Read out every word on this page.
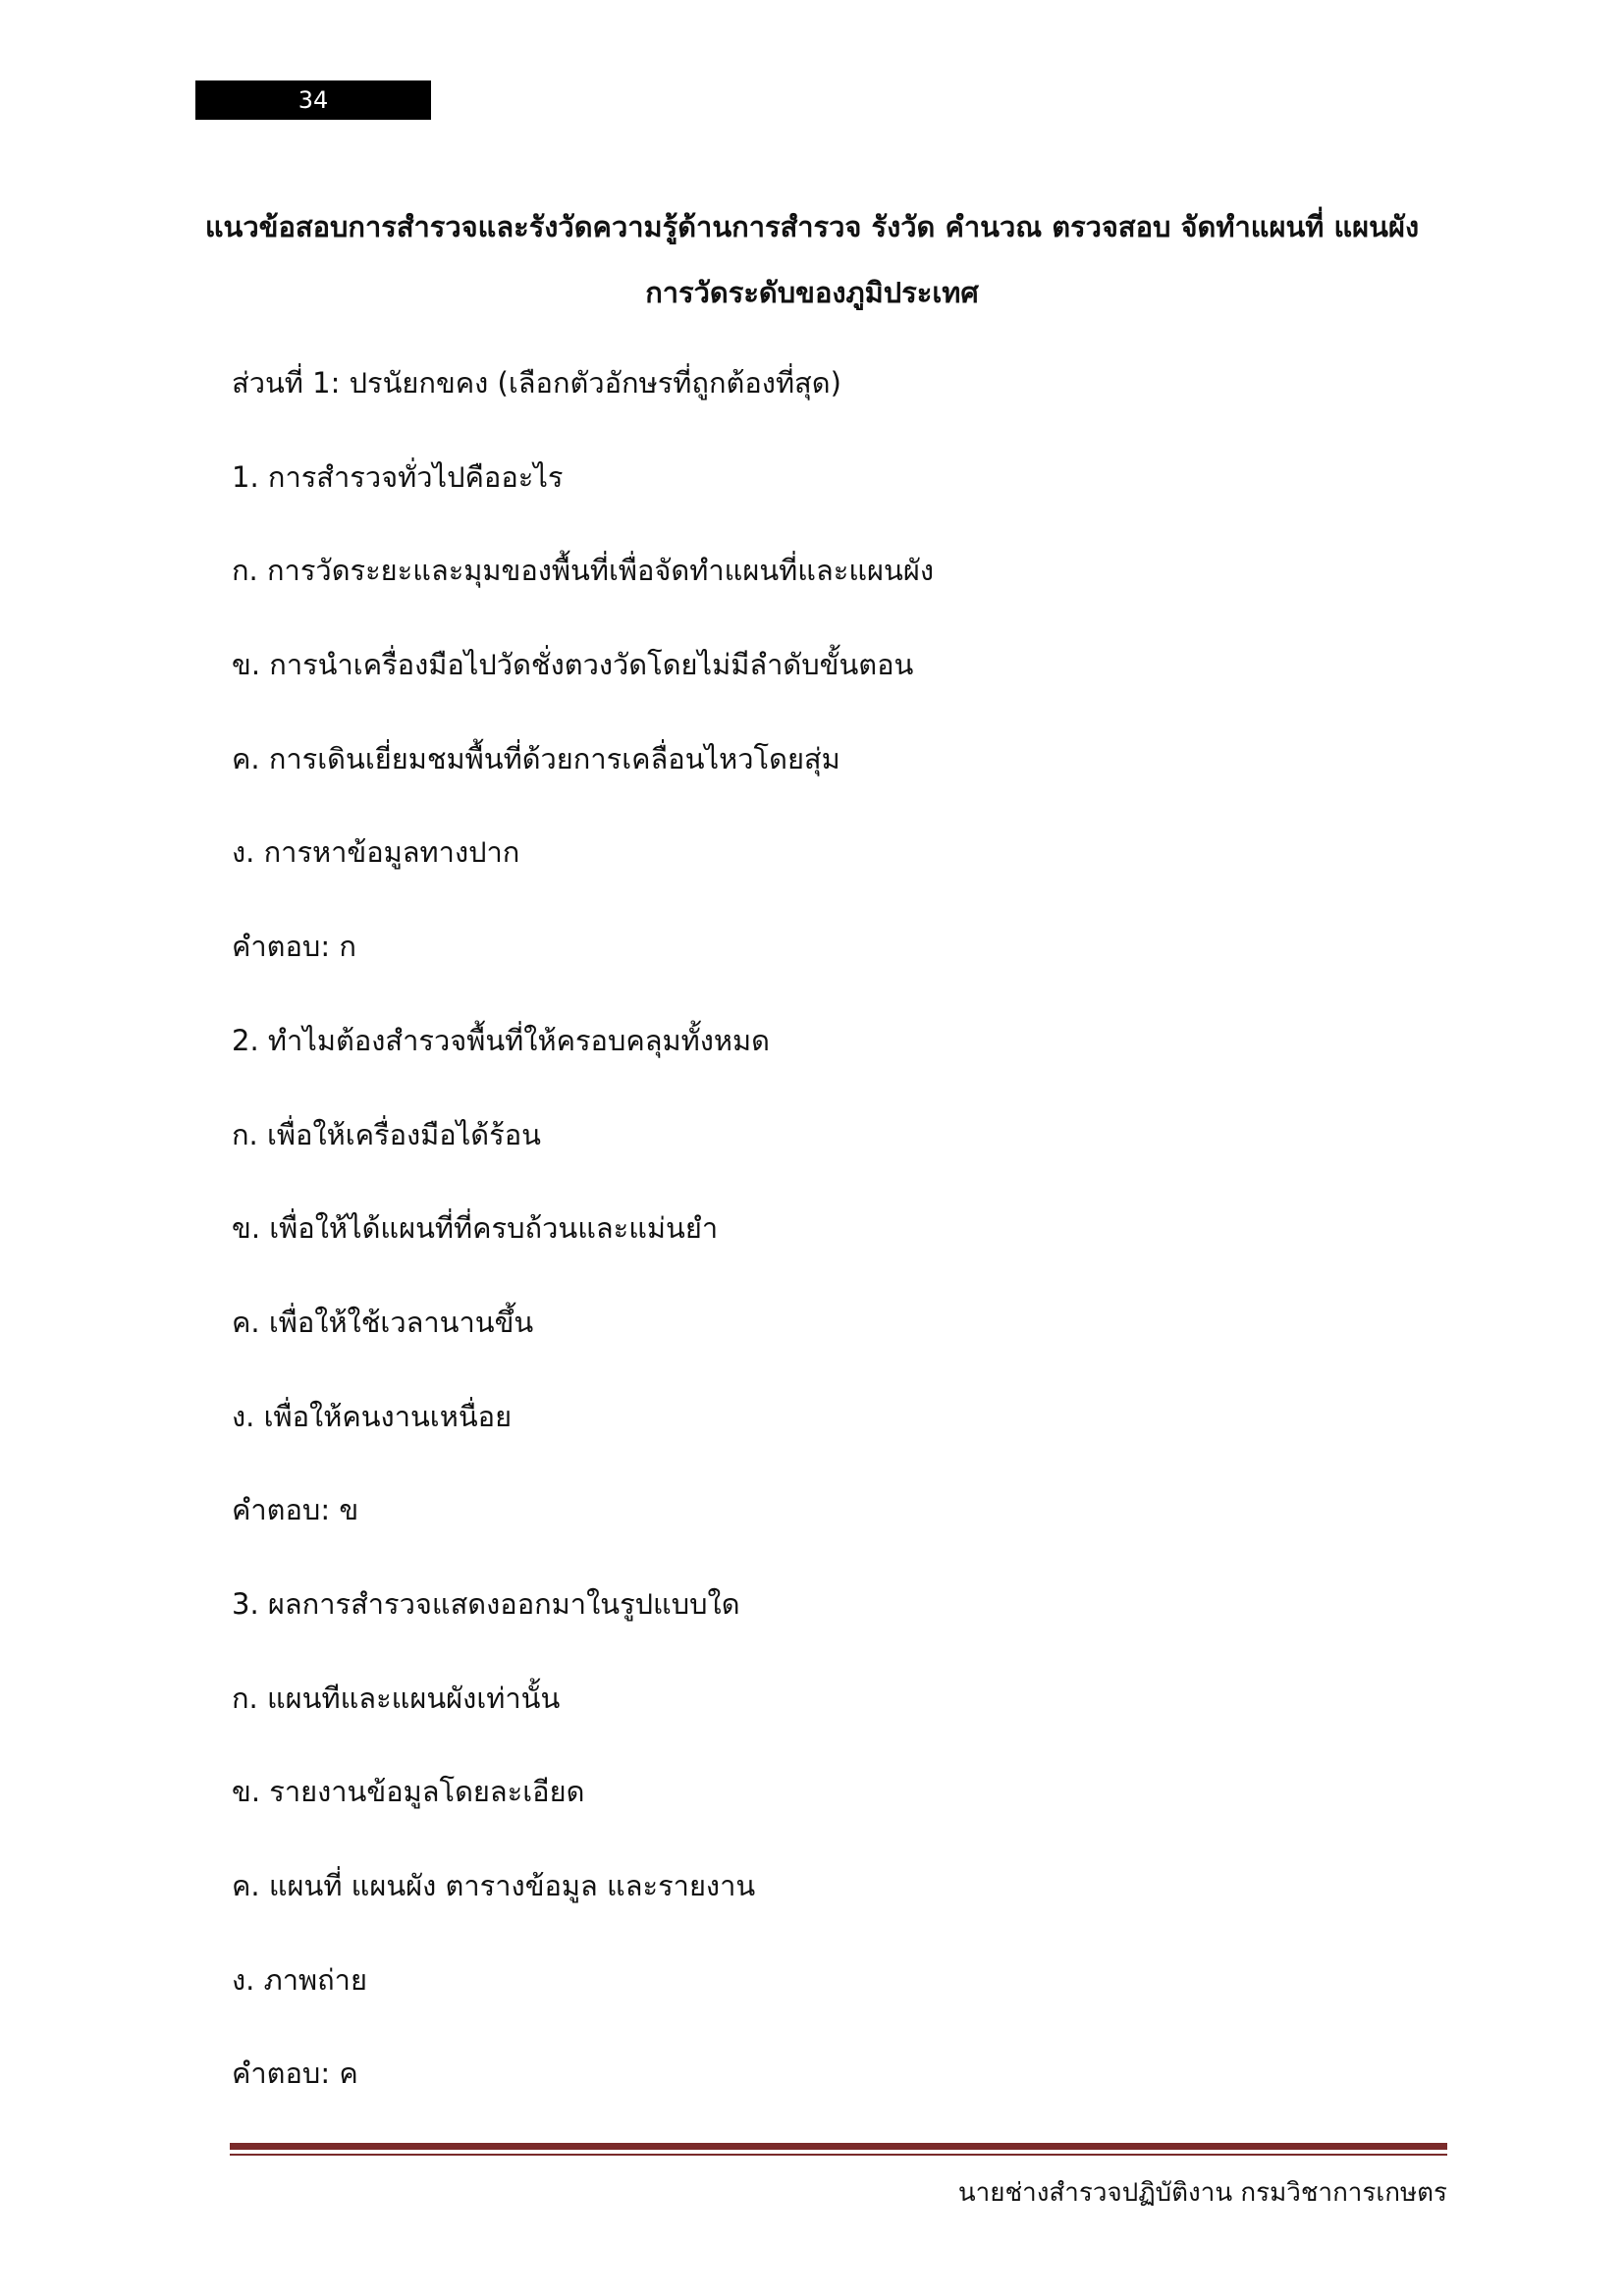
34
แนวข้อสอบการสำรวจและรังวัดความรู้ด้านการสำรวจ รังวัด คำนวณ ตรวจสอบ จัดทำแผนที่ แผนผัง
การวัดระดับของภูมิประเทศ
ส่วนที่ 1: ปรนัยกขคง (เลือกตัวอักษรที่ถูกต้องที่สุด)
1. การสำรวจทั่วไปคืออะไร
ก. การวัดระยะและมุมของพื้นที่เพื่อจัดทำแผนที่และแผนผัง
ข. การนำเครื่องมือไปวัดชั่งตวงวัดโดยไม่มีลำดับขั้นตอน
ค. การเดินเยี่ยมชมพื้นที่ด้วยการเคลื่อนไหวโดยสุ่ม
ง. การหาข้อมูลทางปาก
คำตอบ: ก
2. ทำไมต้องสำรวจพื้นที่ให้ครอบคลุมทั้งหมด
ก. เพื่อให้เครื่องมือได้ร้อน
ข. เพื่อให้ได้แผนที่ที่ครบถ้วนและแม่นยำ
ค. เพื่อให้ใช้เวลานานขึ้น
ง. เพื่อให้คนงานเหนื่อย
คำตอบ: ข
3. ผลการสำรวจแสดงออกมาในรูปแบบใด
ก. แผนทีและแผนผังเท่านั้น
ข. รายงานข้อมูลโดยละเอียด
ค. แผนที่ แผนผัง ตารางข้อมูล และรายงาน
ง. ภาพถ่าย
คำตอบ: ค
นายช่างสำรวจปฏิบัติงาน กรมวิชาการเกษตร
